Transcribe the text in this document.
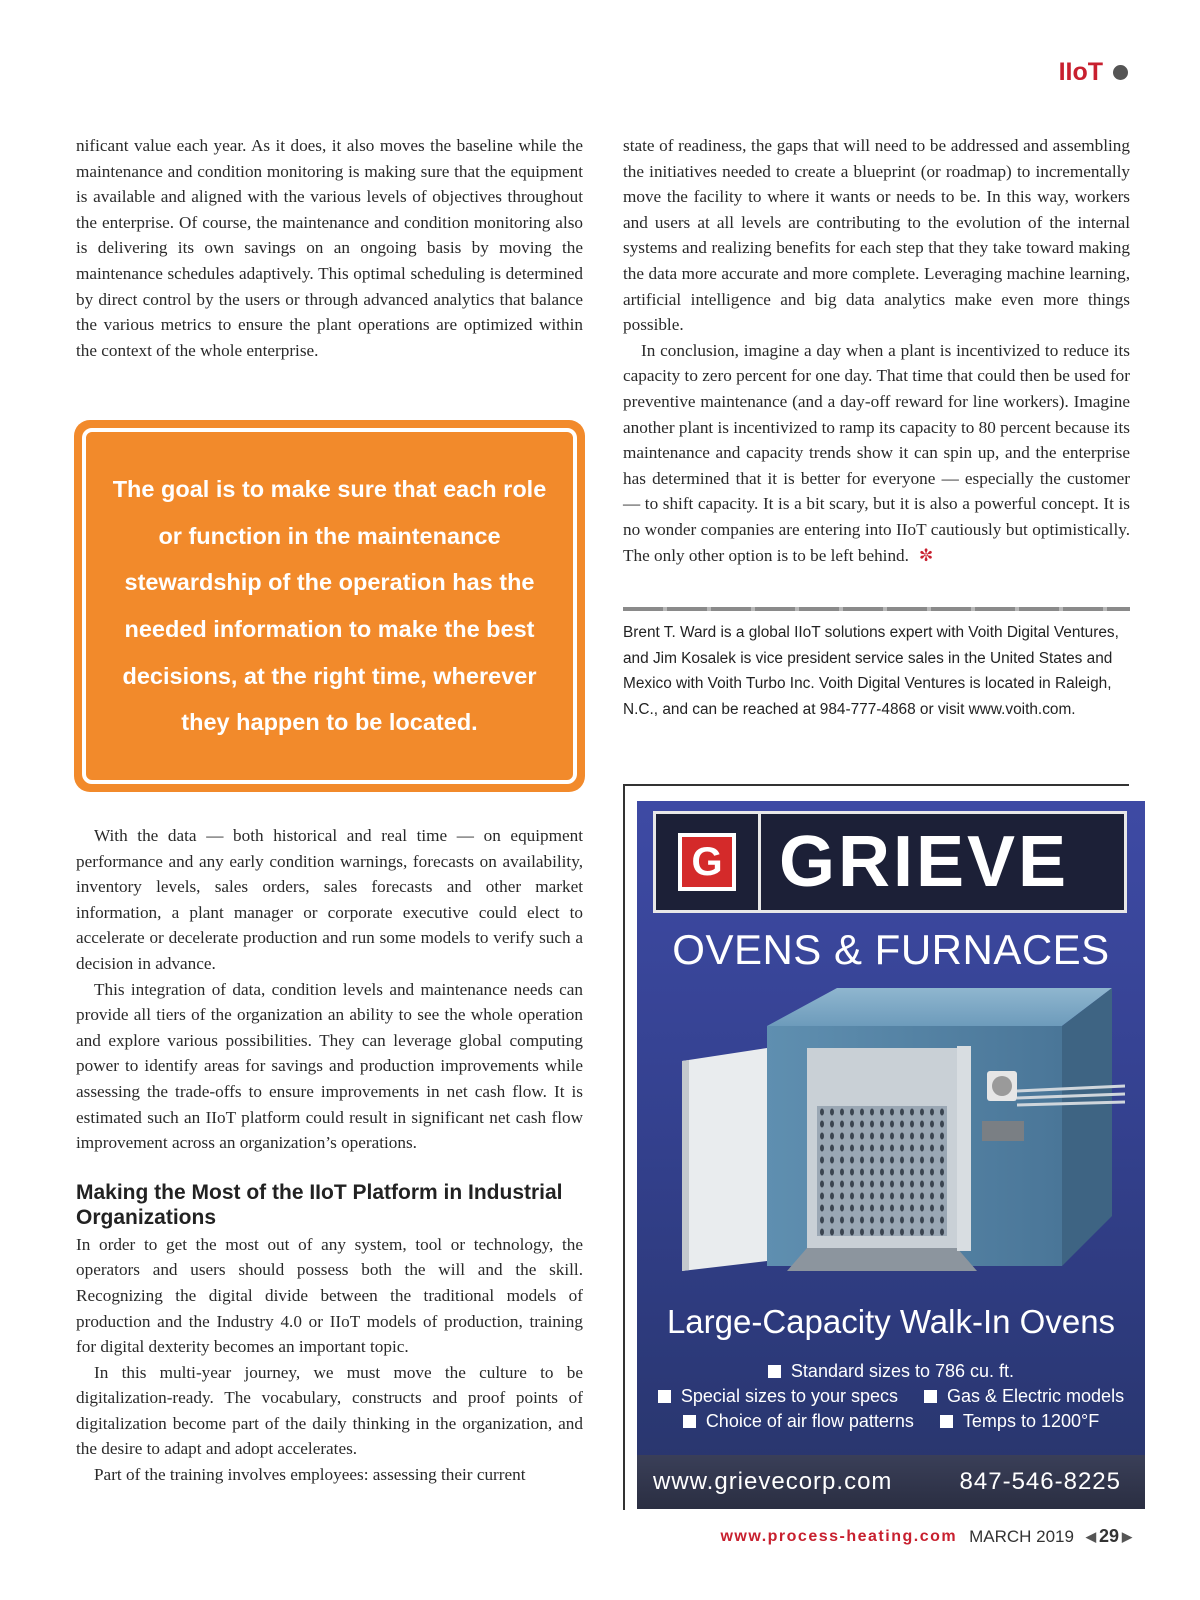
IIoT

nificant value each year. As it does, it also moves the baseline while the maintenance and condition monitoring is making sure that the equipment is available and aligned with the various levels of objectives throughout the enterprise. Of course, the maintenance and condition monitoring also is delivering its own savings on an ongoing basis by moving the maintenance schedules adaptively. This optimal scheduling is determined by direct control by the users or through advanced analytics that balance the various metrics to ensure the plant operations are optimized within the context of the whole enterprise.

The goal is to make sure that each role or function in the maintenance stewardship of the operation has the needed information to make the best decisions, at the right time, wherever they happen to be located.

With the data — both historical and real time — on equipment performance and any early condition warnings, forecasts on availability, inventory levels, sales orders, sales forecasts and other market information, a plant manager or corporate executive could elect to accelerate or decelerate production and run some models to verify such a decision in advance.

This integration of data, condition levels and maintenance needs can provide all tiers of the organization an ability to see the whole operation and explore various possibilities. They can leverage global computing power to identify areas for savings and production improvements while assessing the trade-offs to ensure improvements in net cash flow. It is estimated such an IIoT platform could result in significant net cash flow improvement across an organization’s operations.

Making the Most of the IIoT Platform in Industrial Organizations

In order to get the most out of any system, tool or technology, the operators and users should possess both the will and the skill. Recognizing the digital divide between the traditional models of production and the Industry 4.0 or IIoT models of production, training for digital dexterity becomes an important topic.

In this multi-year journey, we must move the culture to be digitalization-ready. The vocabulary, constructs and proof points of digitalization become part of the daily thinking in the organization, and the desire to adapt and adopt accelerates.

Part of the training involves employees: assessing their current

state of readiness, the gaps that will need to be addressed and assembling the initiatives needed to create a blueprint (or roadmap) to incrementally move the facility to where it wants or needs to be. In this way, workers and users at all levels are contributing to the evolution of the internal systems and realizing benefits for each step that they take toward making the data more accurate and more complete. Leveraging machine learning, artificial intelligence and big data analytics make even more things possible.

In conclusion, imagine a day when a plant is incentivized to reduce its capacity to zero percent for one day. That time that could then be used for preventive maintenance (and a day-off reward for line workers). Imagine another plant is incentivized to ramp its capacity to 80 percent because its maintenance and capacity trends show it can spin up, and the enterprise has determined that it is better for everyone — especially the customer — to shift capacity. It is a bit scary, but it is also a powerful concept. It is no wonder companies are entering into IIoT cautiously but optimistically. The only other option is to be left behind. ✼

Brent T. Ward is a global IIoT solutions expert with Voith Digital Ventures, and Jim Kosalek is vice president service sales in the United States and Mexico with Voith Turbo Inc. Voith Digital Ventures is located in Raleigh, N.C., and can be reached at 984-777-4868 or visit www.voith.com.

G GRIEVE
OVENS & FURNACES
Large-Capacity Walk-In Ovens
Standard sizes to 786 cu. ft.
Special sizes to your specs	Gas & Electric models
Choice of air flow patterns	Temps to 1200°F
www.grievecorp.com	847-546-8225
www.process-heating.com MARCH 2019 ◀ 29 ▶
